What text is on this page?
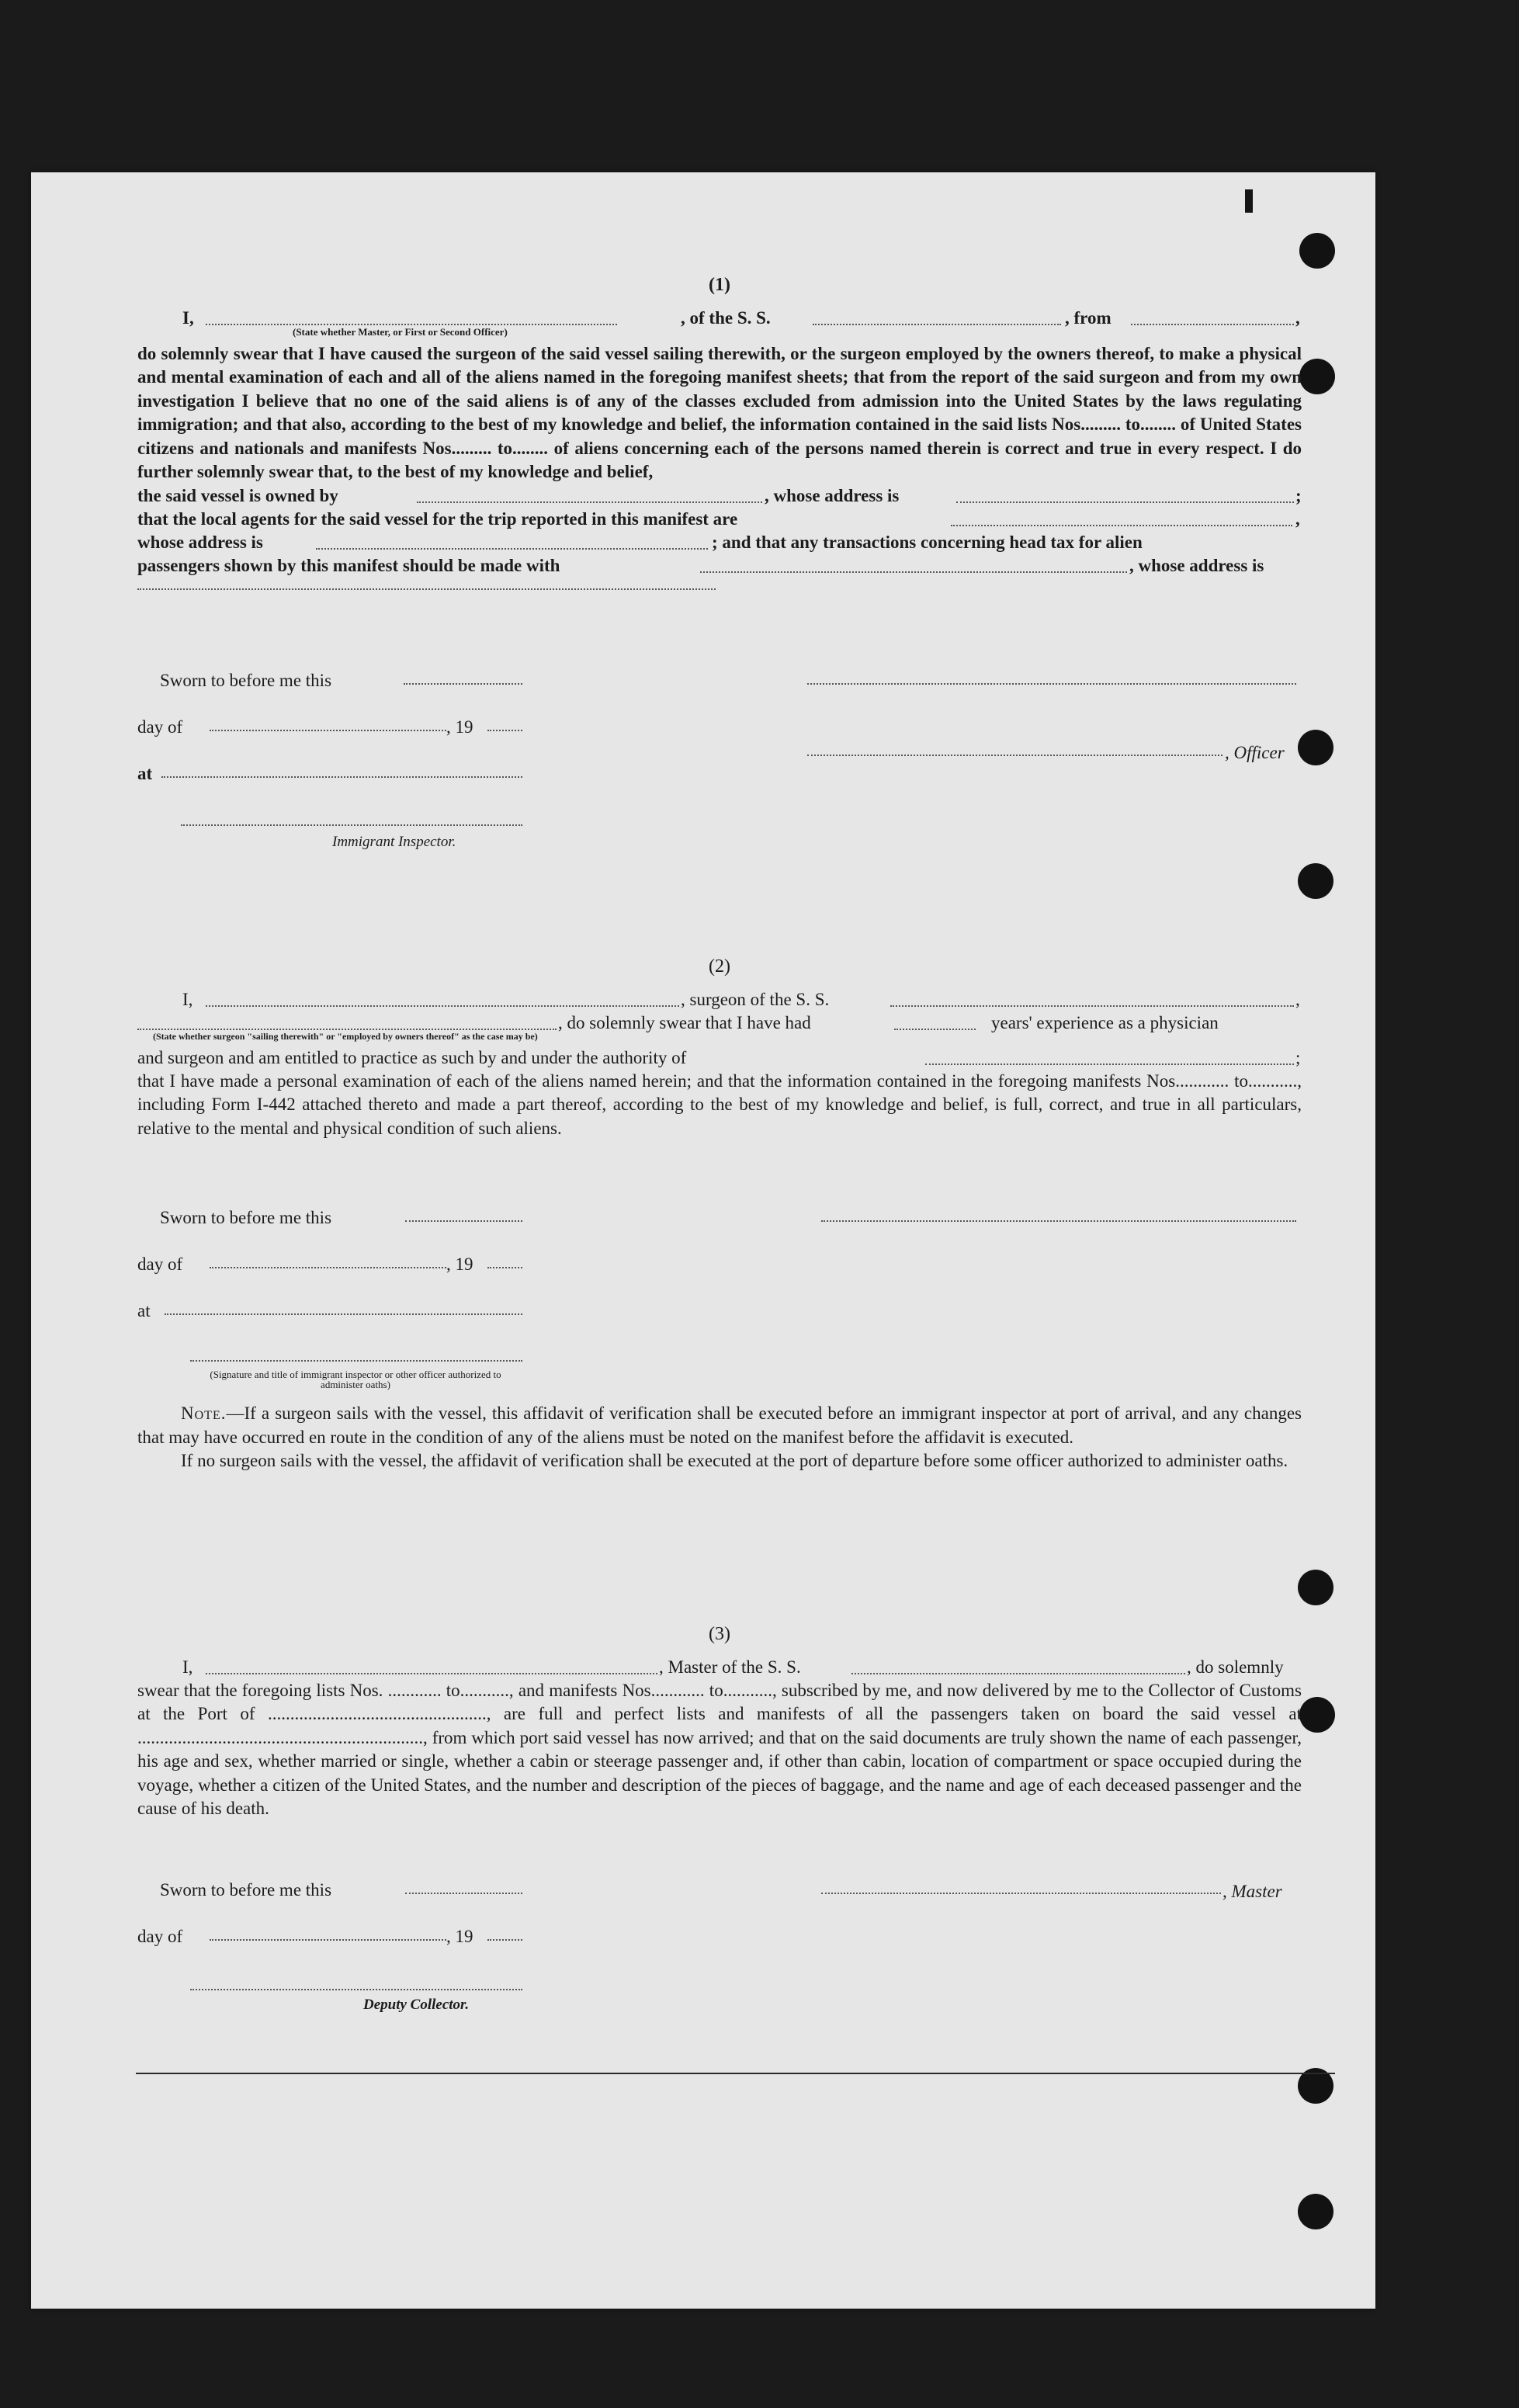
(1)
I,	, of the S. S.	, from	,
(State whether Master, or First or Second Officer)

do solemnly swear that I have caused the surgeon of the said vessel sailing therewith, or the surgeon employed by the owners thereof, to make a physical and mental examination of each and all of the aliens named in the foregoing manifest sheets; that from the report of the said surgeon and from my own investigation I believe that no one of the said aliens is of any of the classes excluded from admission into the United States by the laws regulating immigration; and that also, according to the best of my knowledge and belief, the information contained in the said lists Nos......... to........ of United States citizens and nationals and manifests Nos......... to........ of aliens concerning each of the persons named therein is correct and true in every respect. I do further solemnly swear that, to the best of my knowledge and belief,

the said vessel is owned by	, whose address is	;
that the local agents for the said vessel for the trip reported in this manifest are	,
whose address is	; and that any transactions concerning head tax for alien
passengers shown by this manifest should be made with	, whose address is
Sworn to before me this
day of	, 19
, Officer
at
Immigrant Inspector.
(2)
I,	, surgeon of the S. S.	,
, do solemnly swear that I have had	years' experience as a physician
(State whether surgeon "sailing therewith" or "employed by owners thereof" as the case may be)
and surgeon and am entitled to practice as such by and under the authority of	;

that I have made a personal examination of each of the aliens named herein; and that the information contained in the foregoing manifests Nos............ to..........., including Form I-442 attached thereto and made a part thereof, according to the best of my knowledge and belief, is full, correct, and true in all particulars, relative to the mental and physical condition of such aliens.

Sworn to before me this
day of	, 19
at
(Signature and title of immigrant inspector or other officer authorized to administer oaths)

Note.—If a surgeon sails with the vessel, this affidavit of verification shall be executed before an immigrant inspector at port of arrival, and any changes that may have occurred en route in the condition of any of the aliens must be noted on the manifest before the affidavit is executed.

If no surgeon sails with the vessel, the affidavit of verification shall be executed at the port of departure before some officer authorized to administer oaths.

(3)
I,	, Master of the S. S.	, do solemnly

swear that the foregoing lists Nos. ............ to..........., and manifests Nos............ to..........., subscribed by me, and now delivered by me to the Collector of Customs at the Port of ................................................., are full and perfect lists and manifests of all the passengers taken on board the said vessel at ................................................................, from which port said vessel has now arrived; and that on the said documents are truly shown the name of each passenger, his age and sex, whether married or single, whether a cabin or steerage passenger and, if other than cabin, location of compartment or space occupied during the voyage, whether a citizen of the United States, and the number and description of the pieces of baggage, and the name and age of each deceased passenger and the cause of his death.

Sworn to before me this	, Master
day of	, 19
Deputy Collector.
